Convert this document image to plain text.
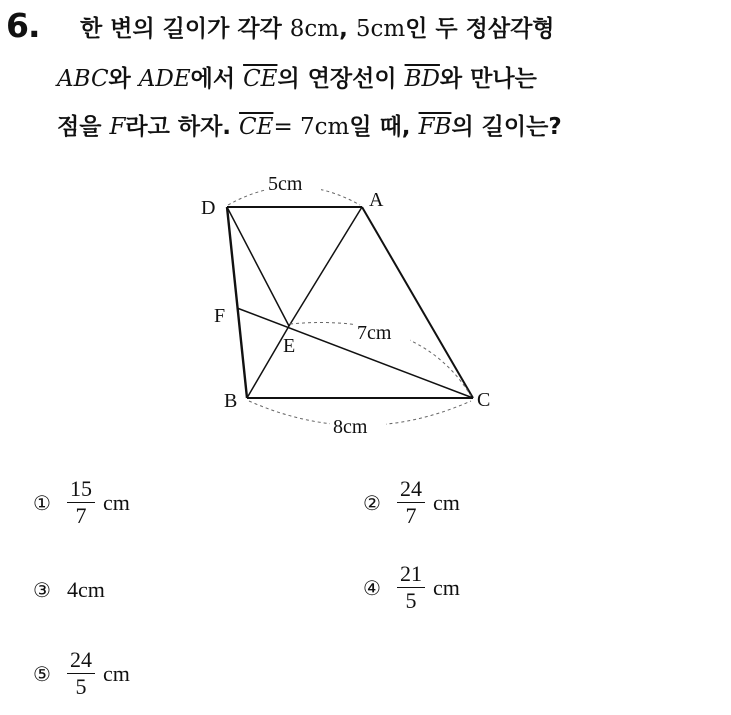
6. 한 변의 길이가 각각 8cm, 5cm인 두 정삼각형
ABC와 ADE에서 $\overline{CE}$의 연장선이 $\overline{BD}$와 만나는
점을 F라고 하자. $\overline{CE}= 7cm$일 때, $\overline{FB}$의 길이는?
5cm
7cm
8cm
D	A
F
E
B	C
① $\frac{15}{7}$ cm	② $\frac{24}{7}$ cm
③ 4cm	④ $\frac{21}{5}$ cm
⑤ $\frac{24}{5}$ cm
